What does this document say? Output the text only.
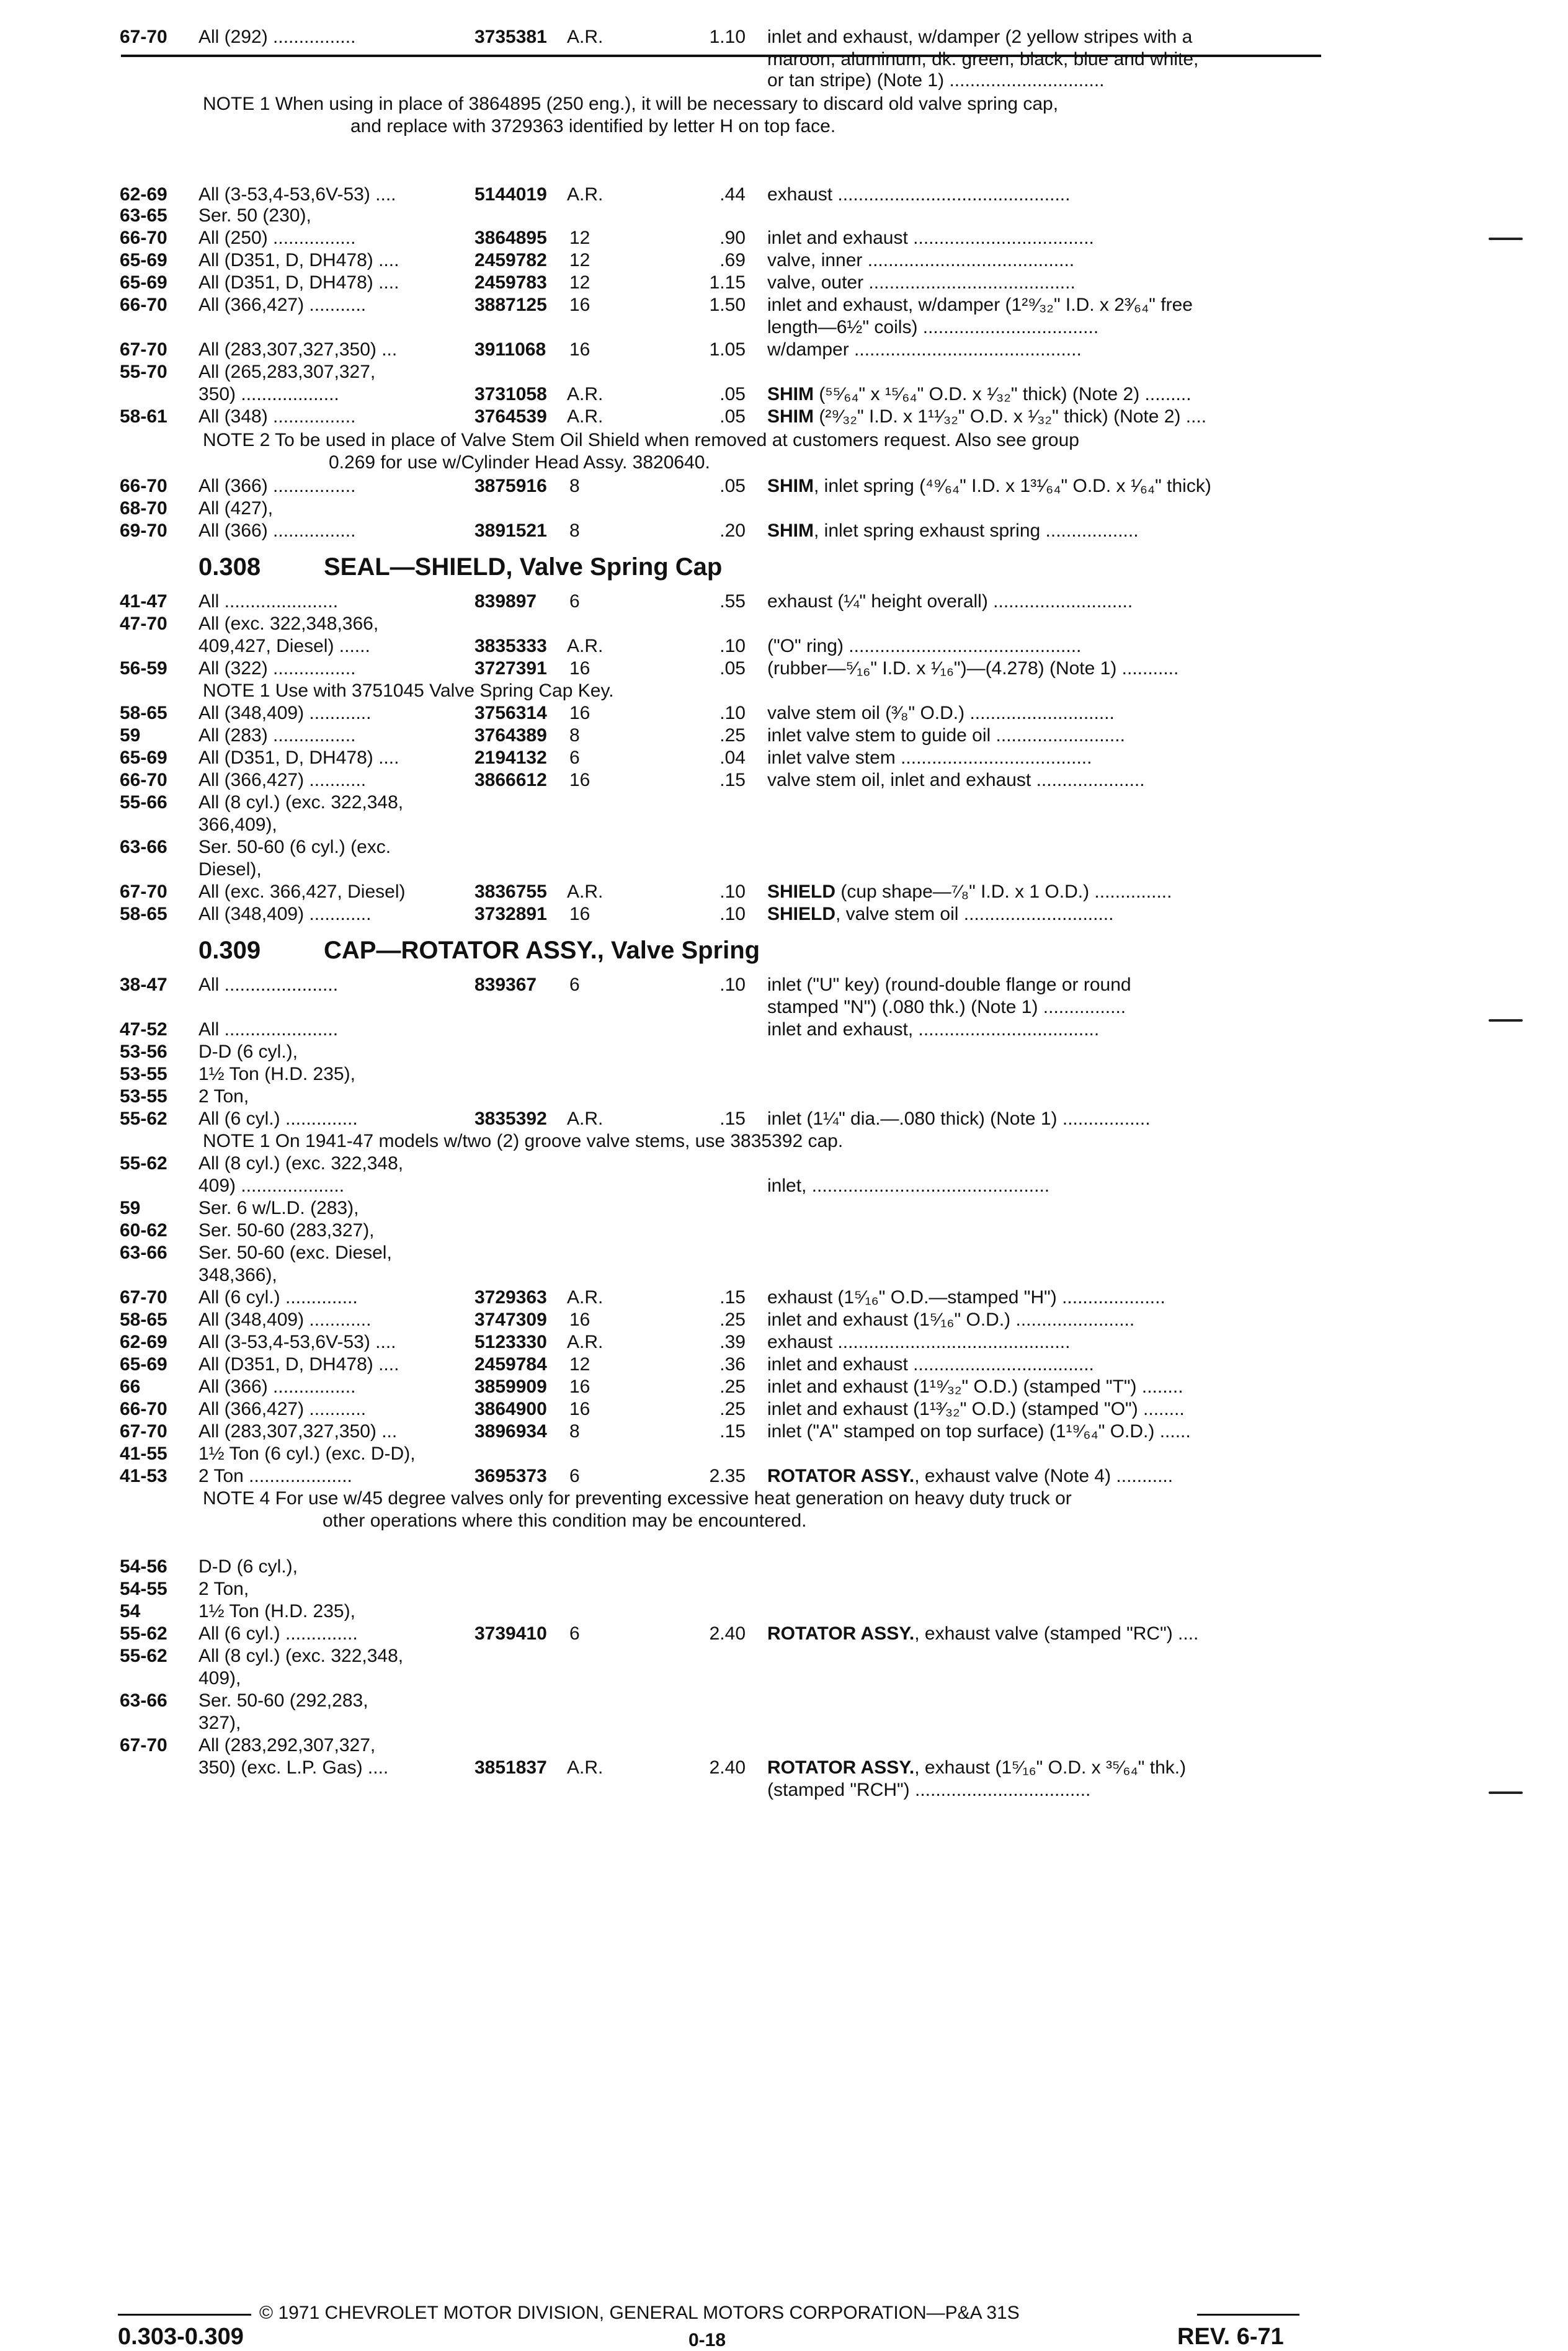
67-70 All (292) ................	3735381 A.R.	1.10 inlet and exhaust, w/damper (2 yellow stripes with a
maroon, aluminum, dk. green, black, blue and white,
or tan stripe) (Note 1) ..............................
62-69 All (3-53,4-53,6V-53) ....	5144019 A.R.	.44 exhaust .............................................
63-65 Ser. 50 (230),
66-70 All (250) ................	3864895 12	.90 inlet and exhaust ...................................
65-69 All (D351, D, DH478) ....	2459782 12	.69 valve, inner ........................................
65-69 All (D351, D, DH478) ....	2459783 12	1.15 valve, outer ........................................
66-70 All (366,427) ...........	3887125 16	1.50 inlet and exhaust, w/damper (1²⁹⁄₃₂" I.D. x 2³⁄₆₄" free
length—6½" coils) ..................................
67-70 All (283,307,327,350) ...	3911068 16	1.05 w/damper ............................................
55-70 All (265,283,307,327,
350) ...................	3731058 A.R.	.05 SHIM (⁵⁵⁄₆₄" x ¹⁵⁄₆₄" O.D. x ¹⁄₃₂" thick) (Note 2) .........
58-61 All (348) ................	3764539 A.R.	.05 SHIM (²⁹⁄₃₂" I.D. x 1¹¹⁄₃₂" O.D. x ¹⁄₃₂" thick) (Note 2) ....
66-70 All (366) ................	3875916 8	.05 SHIM, inlet spring (⁴⁹⁄₆₄" I.D. x 1³¹⁄₆₄" O.D. x ¹⁄₆₄" thick)
68-70 All (427),
69-70 All (366) ................	3891521 8	.20 SHIM, inlet spring exhaust spring ..................
41-47 All ......................	839897 6	.55 exhaust (¼" height overall) ...........................
47-70 All (exc. 322,348,366,
409,427, Diesel) ......	3835333 A.R.	.10 ("O" ring) .............................................
56-59 All (322) ................	3727391 16	.05 (rubber—⁵⁄₁₆" I.D. x ¹⁄₁₆")—(4.278) (Note 1) ...........
58-65 All (348,409) ............	3756314 16	.10 valve stem oil (³⁄₈" O.D.) ............................
59	All (283) ................	3764389 8	.25 inlet valve stem to guide oil .........................
65-69 All (D351, D, DH478) ....	2194132 6	.04 inlet valve stem .....................................
66-70 All (366,427) ...........	3866612 16	.15 valve stem oil, inlet and exhaust .....................
55-66 All (8 cyl.) (exc. 322,348,
366,409),
63-66 Ser. 50-60 (6 cyl.) (exc.
Diesel),
67-70 All (exc. 366,427, Diesel)	3836755 A.R.	.10 SHIELD (cup shape—⁷⁄₈" I.D. x 1 O.D.) ...............
58-65 All (348,409) ............	3732891 16	.10 SHIELD, valve stem oil .............................
38-47 All ......................	839367 6	.10 inlet ("U" key) (round-double flange or round
stamped "N") (.080 thk.) (Note 1) ................
47-52 All ......................	inlet and exhaust, ...................................
53-56 D-D (6 cyl.),
53-55 1½ Ton (H.D. 235),
53-55 2 Ton,
55-62 All (6 cyl.) ..............	3835392 A.R.	.15 inlet (1¼" dia.—.080 thick) (Note 1) .................
55-62 All (8 cyl.) (exc. 322,348,
409) ....................	inlet, ..............................................
59	Ser. 6 w/L.D. (283),
60-62 Ser. 50-60 (283,327),
63-66 Ser. 50-60 (exc. Diesel,
348,366),
67-70 All (6 cyl.) ..............	3729363 A.R.	.15 exhaust (1⁵⁄₁₆" O.D.—stamped "H") ....................
58-65 All (348,409) ............	3747309 16	.25 inlet and exhaust (1⁵⁄₁₆" O.D.) .......................
62-69 All (3-53,4-53,6V-53) ....	5123330 A.R.	.39 exhaust .............................................
65-69 All (D351, D, DH478) ....	2459784 12	.36 inlet and exhaust ...................................
66	All (366) ................	3859909 16	.25 inlet and exhaust (1¹⁹⁄₃₂" O.D.) (stamped "T") ........
66-70 All (366,427) ...........	3864900 16	.25 inlet and exhaust (1¹³⁄₃₂" O.D.) (stamped "O") ........
67-70 All (283,307,327,350) ...	3896934 8	.15 inlet ("A" stamped on top surface) (1¹⁹⁄₆₄" O.D.) ......
41-55 1½ Ton (6 cyl.) (exc. D-D),
41-53 2 Ton ....................	3695373 6	2.35 ROTATOR ASSY., exhaust valve (Note 4) ...........
54-56 D-D (6 cyl.),
54-55 2 Ton,
54	1½ Ton (H.D. 235),
55-62 All (6 cyl.) ..............	3739410 6	2.40 ROTATOR ASSY., exhaust valve (stamped "RC") ....
55-62 All (8 cyl.) (exc. 322,348,
409),
63-66 Ser. 50-60 (292,283,
327),
67-70 All (283,292,307,327,
350) (exc. L.P. Gas) ....	3851837 A.R.	2.40 ROTATOR ASSY., exhaust (1⁵⁄₁₆" O.D. x ³⁵⁄₆₄" thk.)
(stamped "RCH") ..................................
NOTE 1 When using in place of 3864895 (250 eng.), it will be necessary to discard old valve spring cap,
and replace with 3729363 identified by letter H on top face.
NOTE 2 To be used in place of Valve Stem Oil Shield when removed at customers request. Also see group
0.269 for use w/Cylinder Head Assy. 3820640.
NOTE 1 Use with 3751045 Valve Spring Cap Key.
NOTE 1 On 1941-47 models w/two (2) groove valve stems, use 3835392 cap.
NOTE 4 For use w/45 degree valves only for preventing excessive heat generation on heavy duty truck or
other operations where this condition may be encountered.
0.308	SEAL—SHIELD, Valve Spring Cap
0.309	CAP—ROTATOR ASSY., Valve Spring
© 1971 CHEVROLET MOTOR DIVISION, GENERAL MOTORS CORPORATION—P&A 31S
0.303-0.309	0-18	REV. 6-71
